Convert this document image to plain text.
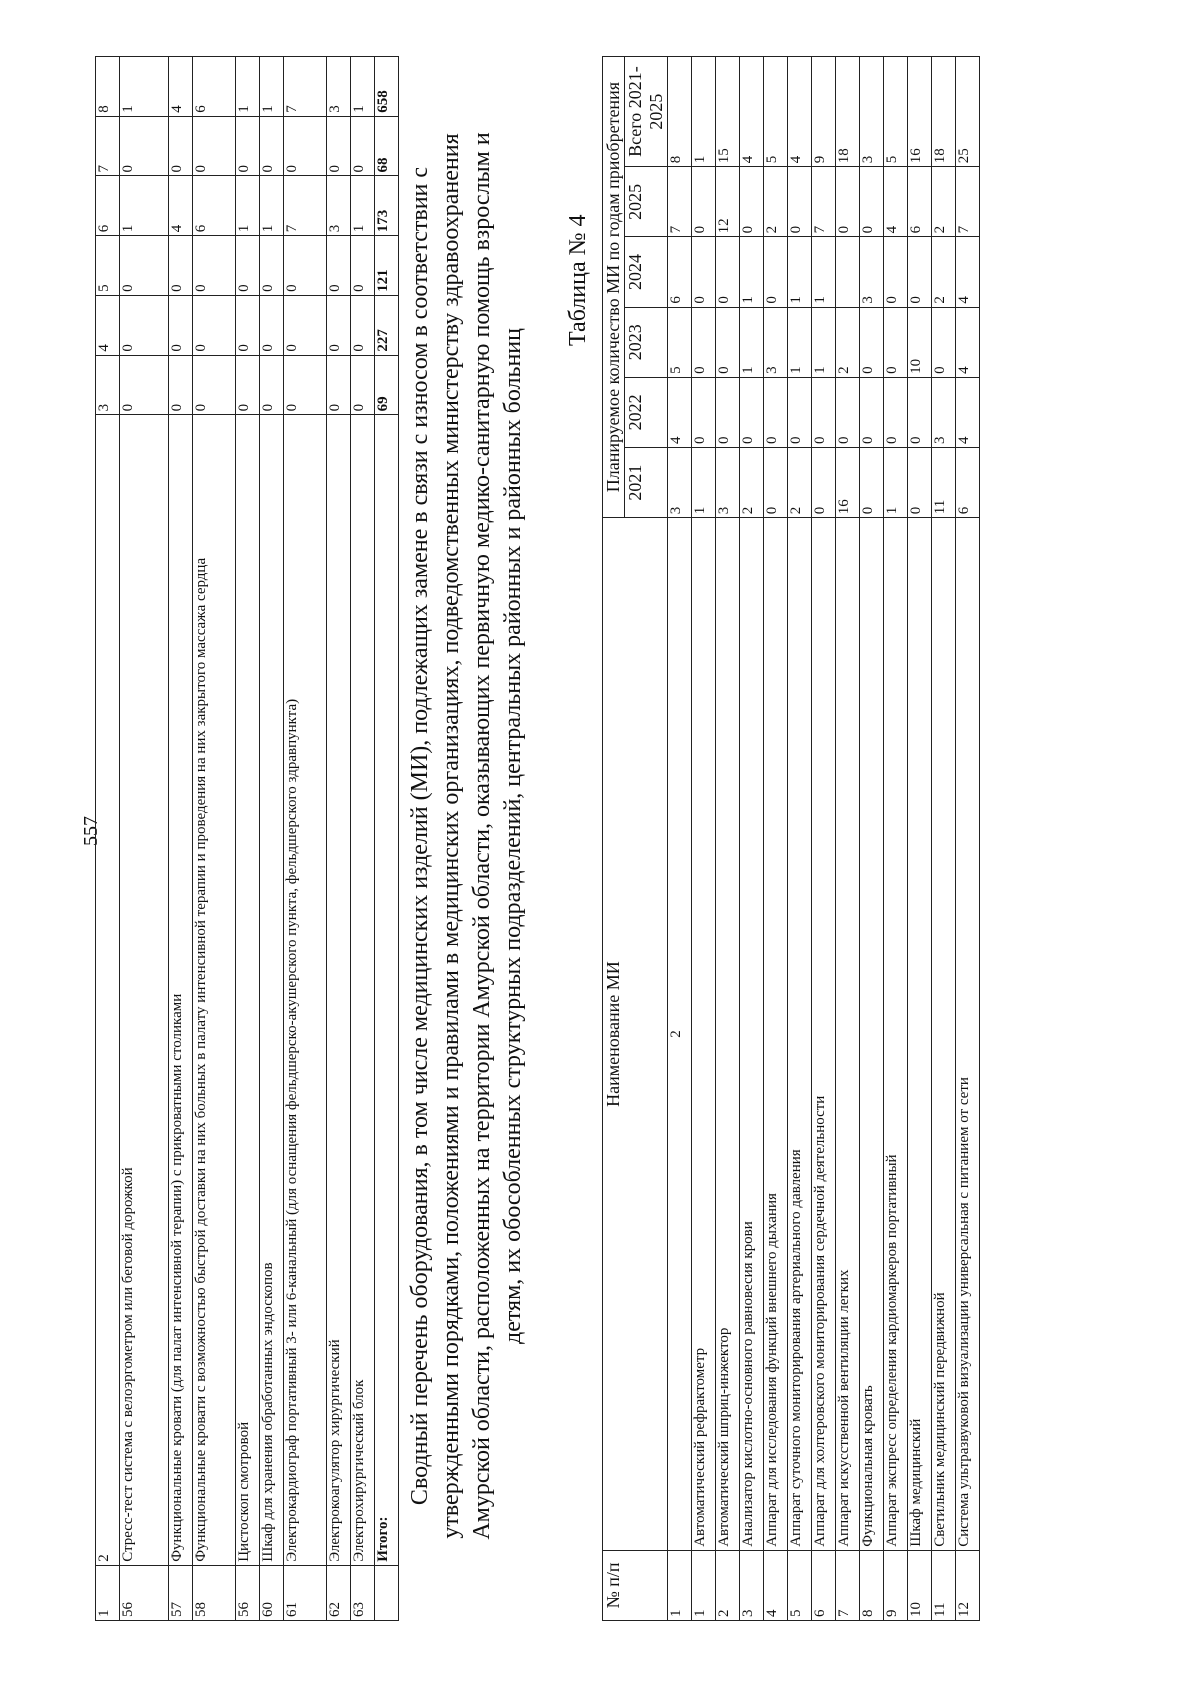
557
1	2	3	4	5	6	7	8
56	Стресс-тест система с велоэргометром или беговой дорожкой	0	0	0	1	0	1
57	Функциональные кровати (для палат интенсивной терапии) с прикроватными столиками	0	0	0	4	0	4
58	Функциональные кровати с возможностью быстрой доставки на них больных в палату интенсивной терапии и проведения на них закрытого массажа сердца	0	0	0	6	0	6
56	Цистоскоп смотровой	0	0	0	1	0	1
60	Шкаф для хранения обработанных эндоскопов	0	0	0	1	0	1
61	Электрокардиограф портативный 3- или 6-канальный (для оснащения фельдшерско-акушерского пункта, фельдшерского здравпункта)	0	0	0	7	0	7
62	Электрокоагулятор хирургический	0	0	0	3	0	3
63	Электрохирургический блок	0	0	0	1	0	1
	Итого:	69	227	121	173	68	658
Сводный перечень оборудования, в том числе медицинских изделий (МИ), подлежащих замене в связи с износом в соответствии с утвержденными порядками, положениями и правилами в медицинских организациях, подведомственных министерству здравоохранения Амурской области, расположенных на территории Амурской области, оказывающих первичную медико-санитарную помощь взрослым и детям, их обособленных структурных подразделений, центральных районных и районных больниц
Таблица № 4
№ п/п	Наименование МИ	Планируемое количество МИ по годам приобретения					
		2021	2022	2023	2024	2025	Всего 2021-2025
1	2	3	4	5	6	7	8
1	Автоматический рефрактометр	1	0	0	0	0	1
2	Автоматический шприц-инжектор	3	0	0	0	12	15
3	Анализатор кислотно-основного равновесия крови	2	0	1	1	0	4
4	Аппарат для исследования функций внешнего дыхания	0	0	3	0	2	5
5	Аппарат суточного мониторирования артериального давления	2	0	1	1	0	4
6	Аппарат для холтеровского мониторирования сердечной деятельности	0	0	1	1	7	9
7	Аппарат искусственной вентиляции легких	16	0	2		0	18
8	Функциональная кровать	0	0	0	3	0	3
9	Аппарат экспресс определения кардиомаркеров портативный	1	0	0	0	4	5
10	Шкаф медицинский	0	0	10	0	6	16
11	Светильник медицинский передвижной	11	3	0	2	2	18
12	Система ультразвуковой визуализации универсальная с питанием от сети	6	4	4	4	7	25
